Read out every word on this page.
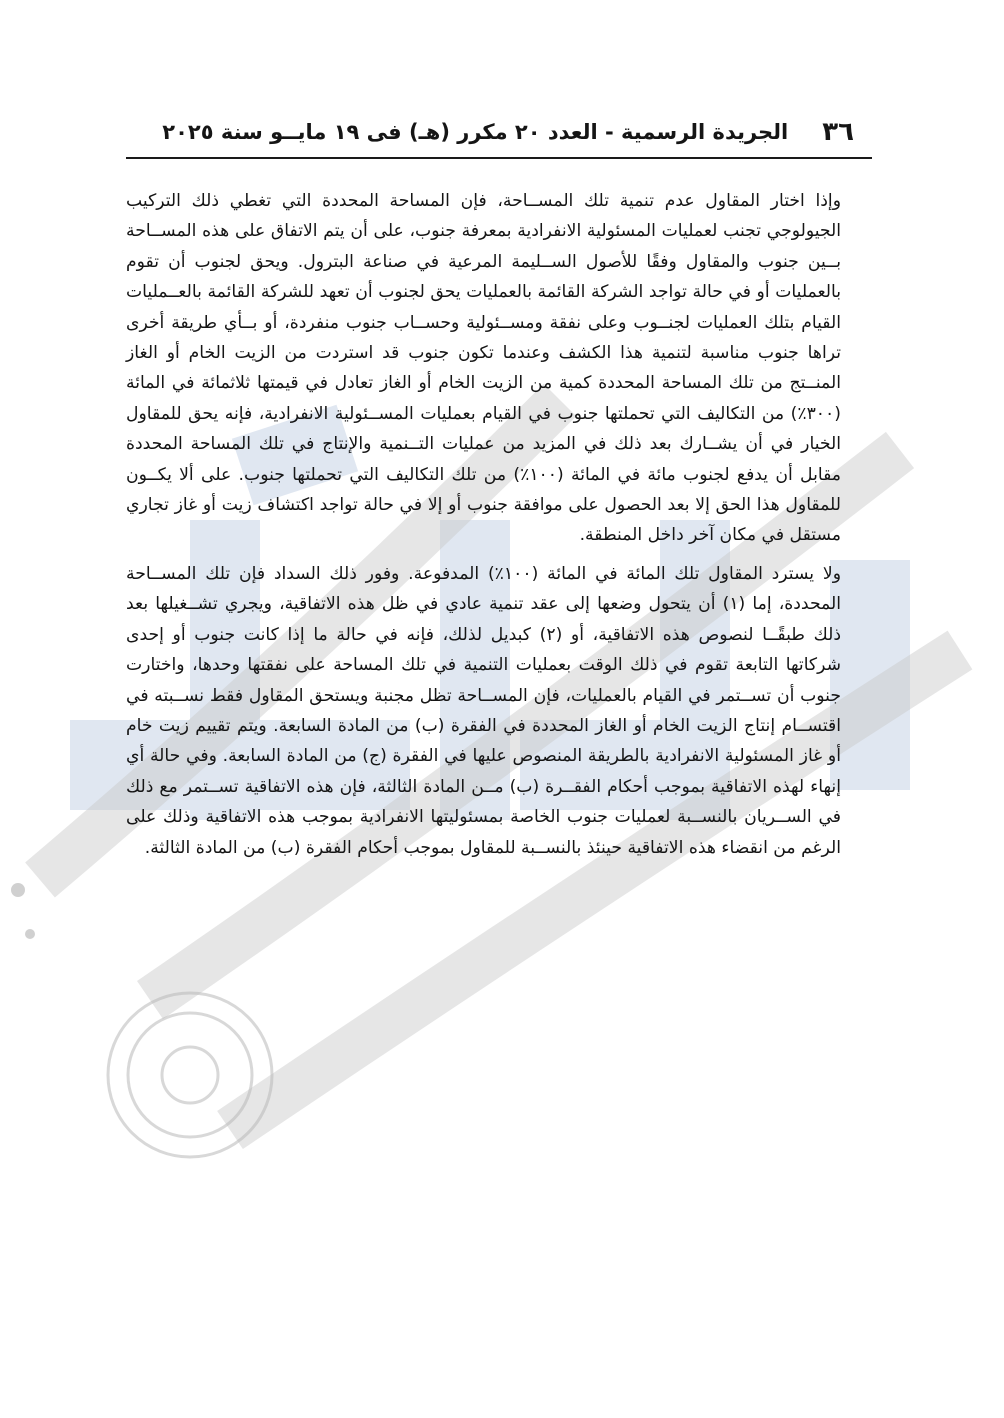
٣٦
الجريدة الرسمية - العدد ٢٠ مكرر (هـ) فى ١٩ مايــو سنة ٢٠٢٥

وإذا اختار المقاول عدم تنمية تلك المســاحة، فإن المساحة المحددة التي تغطي ذلك التركيب الجيولوجي تجنب لعمليات المسئولية الانفرادية بمعرفة جنوب، على أن يتم الاتفاق على هذه المســاحة بــين جنوب والمقاول وفقًا للأصول الســليمة المرعية في صناعة البترول. ويحق لجنوب أن تقوم بالعمليات أو في حالة تواجد الشركة القائمة بالعمليات يحق لجنوب أن تعهد للشركة القائمة بالعــمليات القيام بتلك العمليات لجنــوب وعلى نفقة ومســئولية وحســاب جنوب منفردة، أو بــأي طريقة أخرى تراها جنوب مناسبة لتنمية هذا الكشف وعندما تكون جنوب قد استردت من الزيت الخام أو الغاز المنــتج من تلك المساحة المحددة كمية من الزيت الخام أو الغاز تعادل في قيمتها ثلاثمائة في المائة (٣٠٠٪) من التكاليف التي تحملتها جنوب في القيام بعمليات المســئولية الانفرادية، فإنه يحق للمقاول الخيار في أن يشــارك بعد ذلك في المزيد من عمليات التــنمية والإنتاج في تلك المساحة المحددة مقابل أن يدفع لجنوب مائة في المائة (١٠٠٪) من تلك التكاليف التي تحملتها جنوب. على ألا يكــون للمقاول هذا الحق إلا بعد الحصول على موافقة جنوب أو إلا في حالة تواجد اكتشاف زيت أو غاز تجاري مستقل في مكان آخر داخل المنطقة.

ولا يسترد المقاول تلك المائة في المائة (١٠٠٪) المدفوعة. وفور ذلك السداد فإن تلك المســاحة المحددة، إما (١) أن يتحول وضعها إلى عقد تنمية عادي في ظل هذه الاتفاقية، ويجري تشــغيلها بعد ذلك طبقًــا لنصوص هذه الاتفاقية، أو (٢) كبديل لذلك، فإنه في حالة ما إذا كانت جنوب أو إحدى شركاتها التابعة تقوم في ذلك الوقت بعمليات التنمية في تلك المساحة على نفقتها وحدها، واختارت جنوب أن تســتمر في القيام بالعمليات، فإن المســاحة تظل مجنبة ويستحق المقاول فقط نســبته في اقتســام إنتاج الزيت الخام أو الغاز المحددة في الفقرة (ب) من المادة السابعة. ويتم تقييم زيت خام أو غاز المسئولية الانفرادية بالطريقة المنصوص عليها في الفقرة (ج) من المادة السابعة. وفي حالة أي إنهاء لهذه الاتفاقية بموجب أحكام الفقــرة (ب) مــن المادة الثالثة، فإن هذه الاتفاقية تســتمر مع ذلك في الســريان بالنســبة لعمليات جنوب الخاصة بمسئوليتها الانفرادية بموجب هذه الاتفاقية وذلك على الرغم من انقضاء هذه الاتفاقية حينئذ بالنســبة للمقاول بموجب أحكام الفقرة (ب) من المادة الثالثة.
